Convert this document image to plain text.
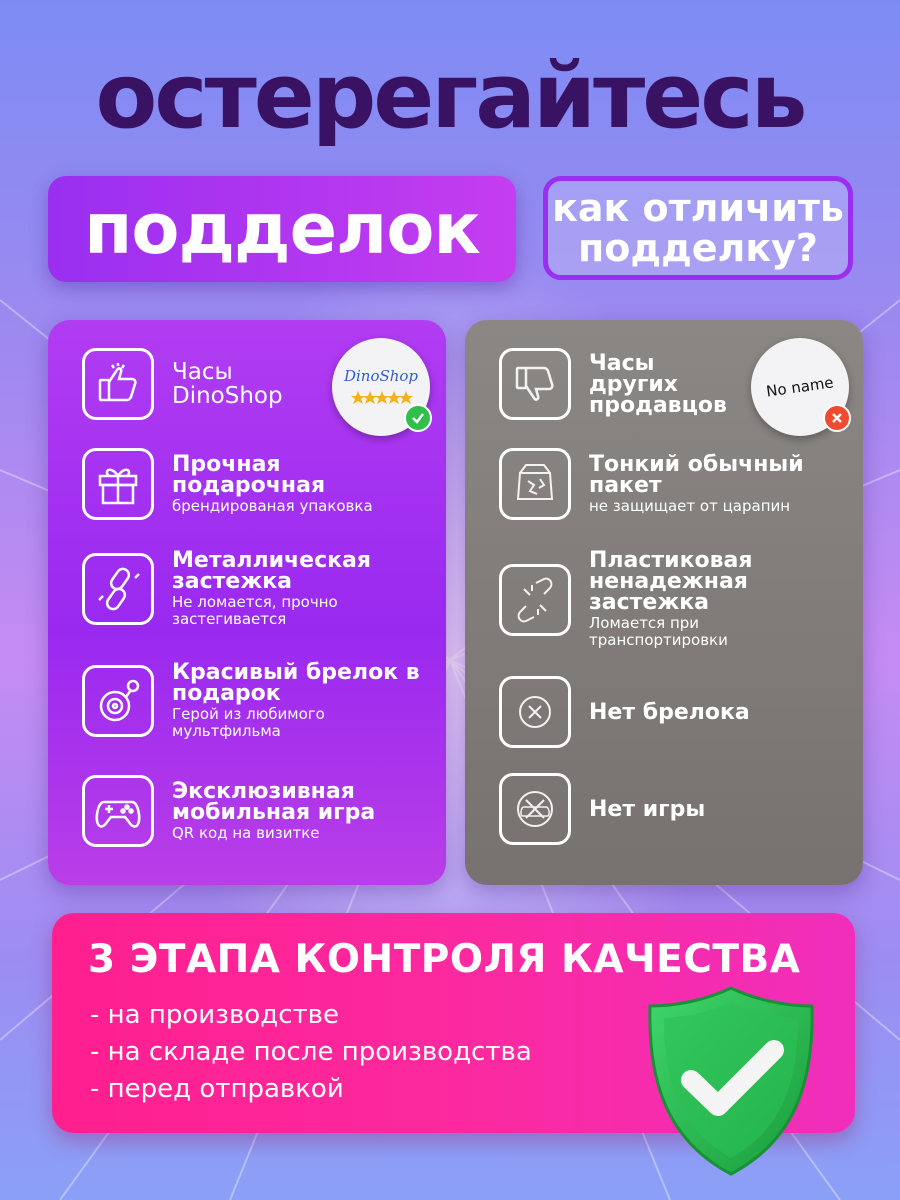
остерегайтесь
подделок как отличить подделку?
DinoShop
Часы DinoShop
Прочная подарочная
брендированая упаковка
Металлическая застежка
Не ломается, прочно застегивается
Красивый брелок в подарок
Герой из любимого мультфильма
Эксклюзивная мобильная игра
QR код на визитке
No name
Часы других продавцов
Тонкий обычный пакет
не защищает от царапин
Пластиковая ненадежная застежка
Ломается при транспортировки
Нет брелока
Нет игры
3 ЭТАПА КОНТРОЛЯ КАЧЕСТВА
- на производстве
- на складе после производства
- перед отправкой
